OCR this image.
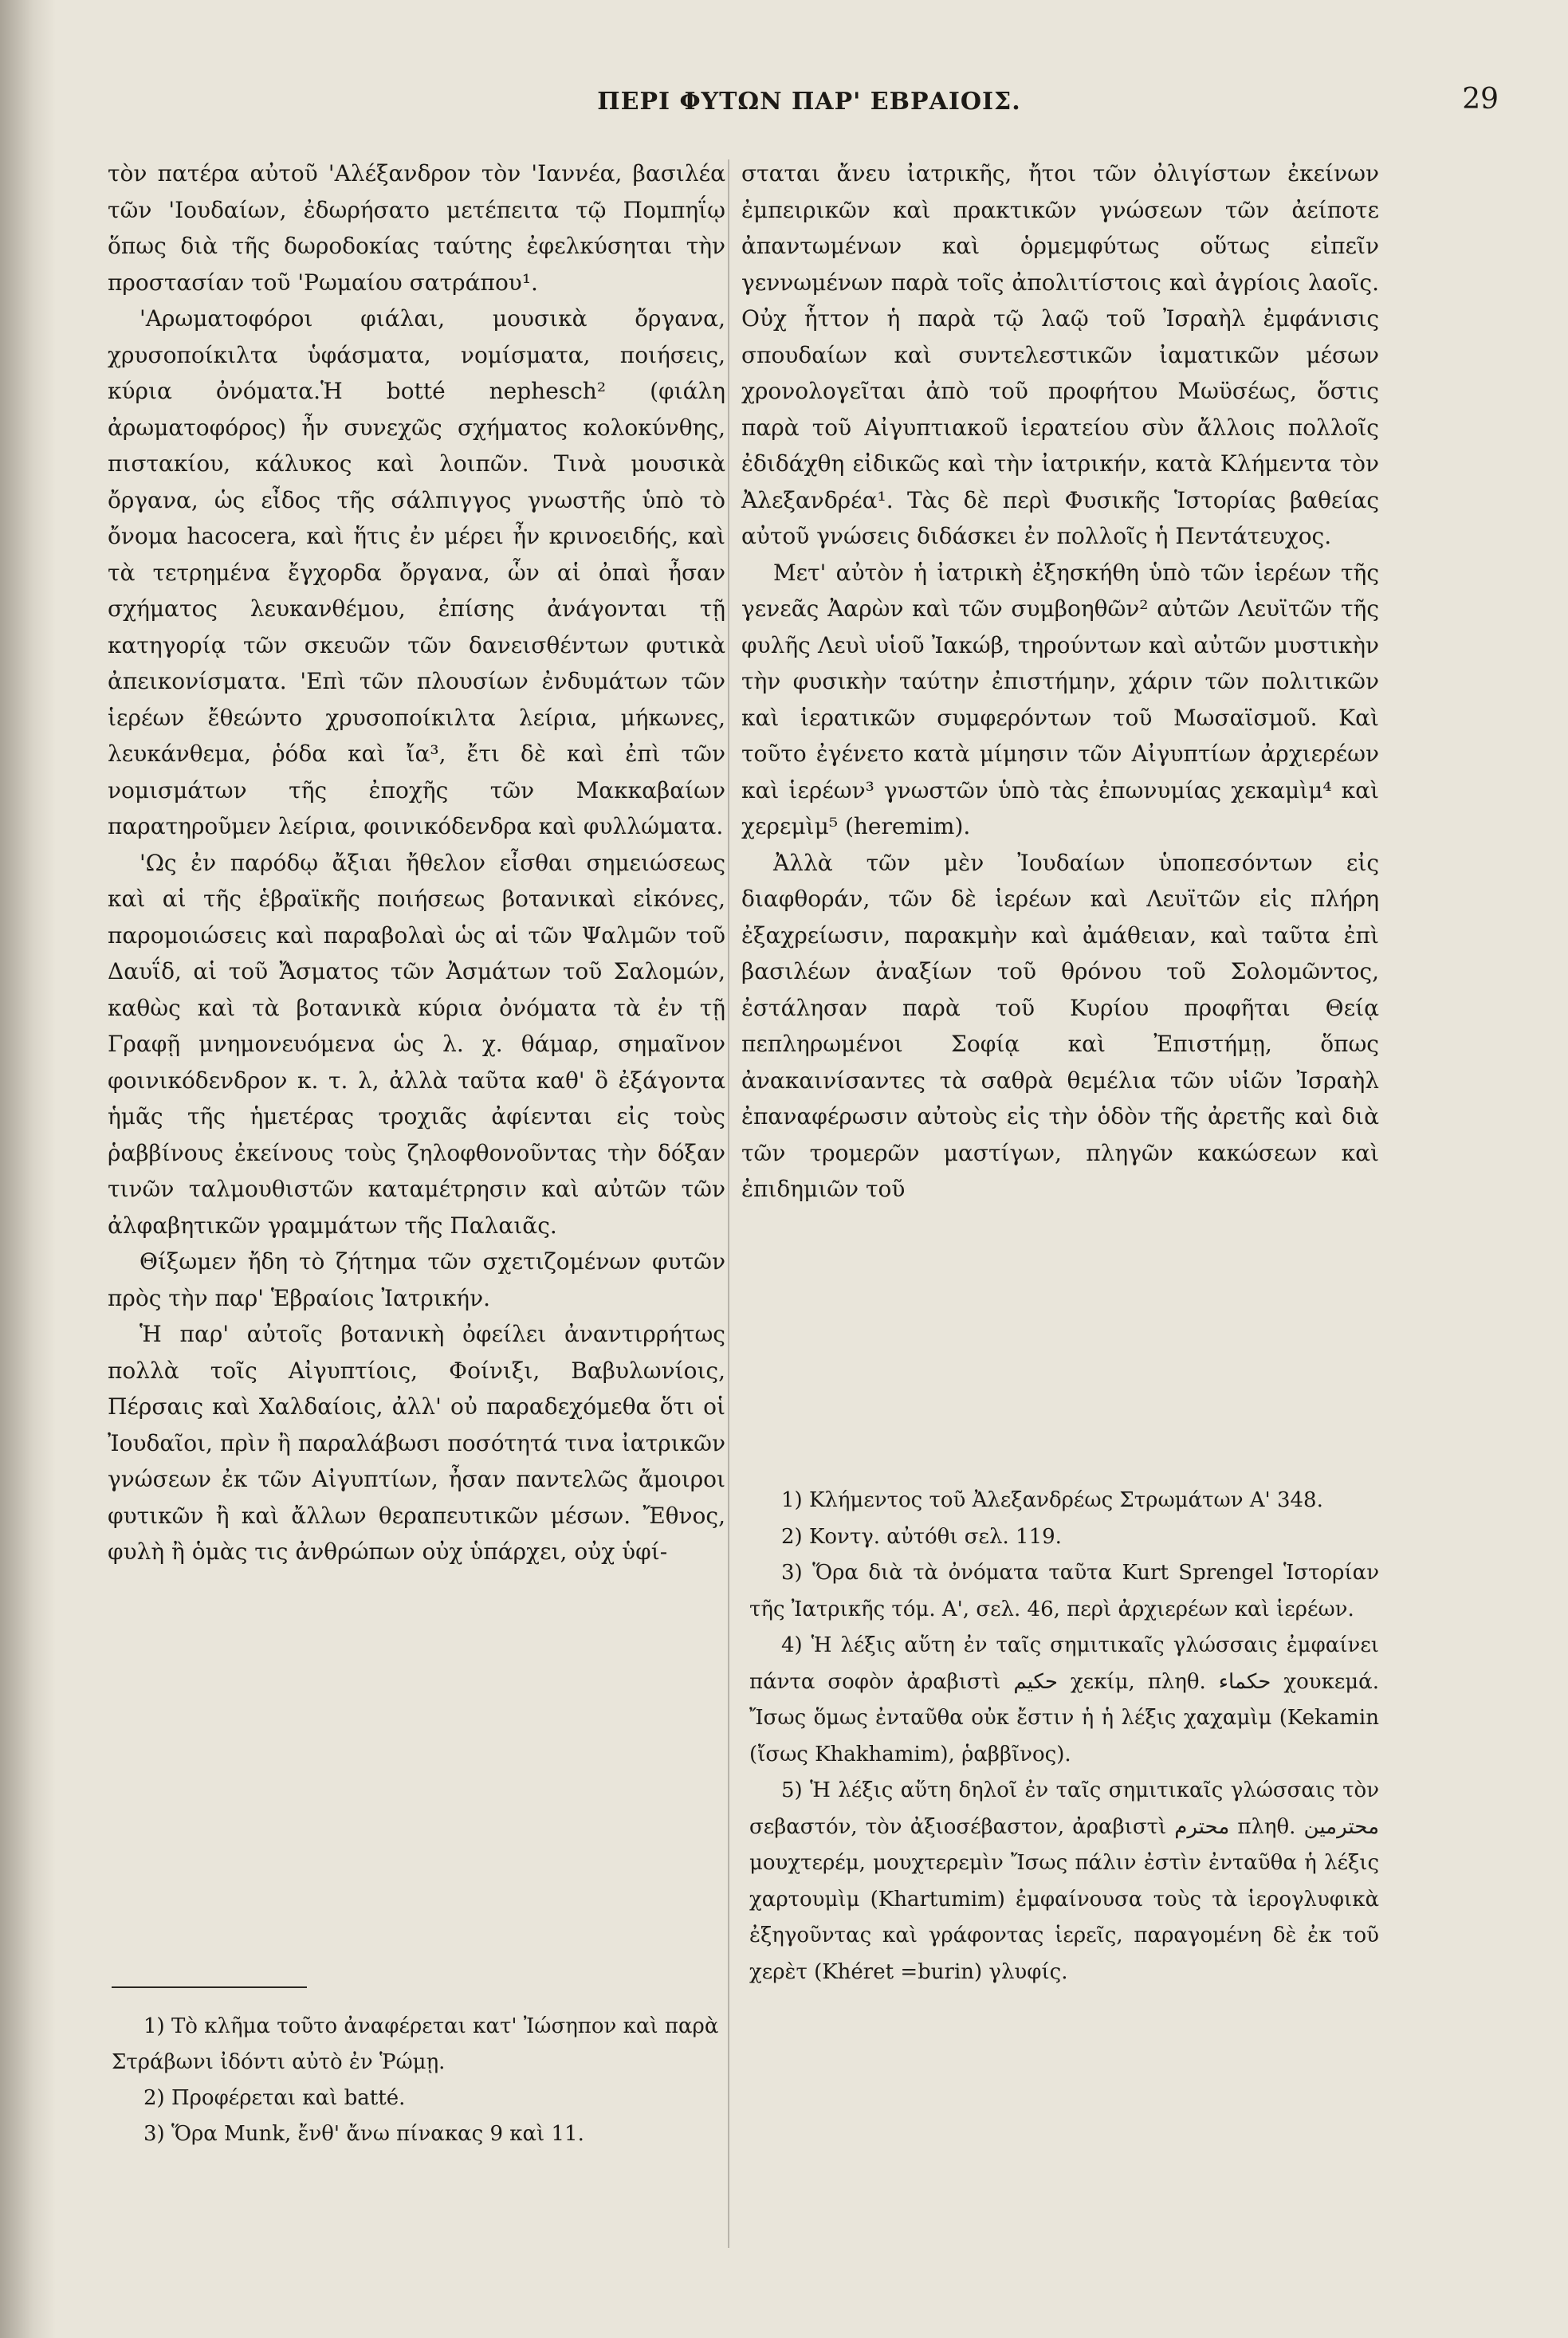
ΠΕΡΙ ΦΥΤΩΝ ΠΑΡ' ΕΒΡΑΙΟΙΣ.	29

τὸν πατέρα αὐτοῦ 'Αλέξανδρον τὸν 'Ιαννέα, βασιλέα τῶν 'Ιουδαίων, ἐδωρήσατο μετέπειτα τῷ Πομπηΐῳ ὅπως διὰ τῆς δωροδοκίας ταύτης ἐφελκύσηται τὴν προστασίαν τοῦ 'Ρωμαίου σατράπου¹.

'Αρωματοφόροι φιάλαι, μουσικὰ ὄργανα, χρυσοποίκιλτα ὑφάσματα, νομίσματα, ποιήσεις, κύρια ὀνόματα.Ἡ botté nephesch² (φιάλη ἀρωματοφόρος) ἦν συνεχῶς σχήματος κολοκύνθης, πιστακίου, κάλυκος καὶ λοιπῶν. Τινὰ μουσικὰ ὄργανα, ὡς εἶδος τῆς σάλπιγγος γνωστῆς ὑπὸ τὸ ὄνομα hacocera, καὶ ἥτις ἐν μέρει ἦν κρινοειδής, καὶ τὰ τετρημένα ἔγχορδα ὄργανα, ὧν αἱ ὀπαὶ ἦσαν σχήματος λευκανθέμου, ἐπίσης ἀνάγονται τῇ κατηγορίᾳ τῶν σκευῶν τῶν δανεισθέντων φυτικὰ ἀπεικονίσματα. 'Επὶ τῶν πλουσίων ἐνδυμάτων τῶν ἱερέων ἔθεώντο χρυσοποίκιλτα λείρια, μήκωνες, λευκάνθεμα, ῥόδα καὶ ἴα³, ἔτι δὲ καὶ ἐπὶ τῶν νομισμάτων τῆς ἐποχῆς τῶν Μακκαβαίων παρατηροῦμεν λείρια, φοινικόδενδρα καὶ φυλλώματα.

'Ως ἐν παρόδῳ ἄξιαι ἤθελον εἶσθαι σημειώσεως καὶ αἱ τῆς ἑβραϊκῆς ποιήσεως βοτανικαὶ εἰκόνες, παρομοιώσεις καὶ παραβολαὶ ὡς αἱ τῶν Ψαλμῶν τοῦ Δαυΐδ, αἱ τοῦ Ἄσματος τῶν Ἀσμάτων τοῦ Σαλομών, καθὼς καὶ τὰ βοτανικὰ κύρια ὀνόματα τὰ ἐν τῇ Γραφῇ μνημονευόμενα ὡς λ. χ. θάμαρ, σημαῖνον φοινικόδενδρον κ. τ. λ, ἀλλὰ ταῦτα καθ' ὃ ἐξάγοντα ἡμᾶς τῆς ἡμετέρας τροχιᾶς ἀφίενται εἰς τοὺς ῥαββίνους ἐκείνους τοὺς ζηλοφθονοῦντας τὴν δόξαν τινῶν ταλμουθιστῶν καταμέτρησιν καὶ αὐτῶν τῶν ἀλφαβητικῶν γραμμάτων τῆς Παλαιᾶς.

Θίξωμεν ἤδη τὸ ζήτημα τῶν σχετιζομένων φυτῶν πρὸς τὴν παρ' Ἑβραίοις Ἰατρικήν.

Ἡ παρ' αὐτοῖς βοτανικὴ ὀφείλει ἀναντιρρήτως πολλὰ τοῖς Αἰγυπτίοις, Φοίνιξι, Βαβυλωνίοις, Πέρσαις καὶ Χαλδαίοις, ἀλλ' οὐ παραδεχόμεθα ὅτι οἱ Ἰουδαῖοι, πρὶν ἢ παραλάβωσι ποσότητά τινα ἰατρικῶν γνώσεων ἐκ τῶν Αἰγυπτίων, ἦσαν παντελῶς ἄμοιροι φυτικῶν ἢ καὶ ἄλλων θεραπευτικῶν μέσων. Ἔθνος, φυλὴ ἢ ὁμὰς τις ἀνθρώπων οὐχ ὑπάρχει, οὐχ ὑφί-

1) Τὸ κλῆμα τοῦτο ἀναφέρεται κατ' Ἰώσηπον καὶ παρὰ Στράβωνι ἰδόντι αὐτὸ ἐν Ῥώμῃ.

2) Προφέρεται καὶ batté.

3) Ὅρα Munk, ἔνθ' ἄνω πίνακας 9 καὶ 11.

σταται ἄνευ ἰατρικῆς, ἤτοι τῶν ὀλιγίστων ἐκείνων ἐμπειρικῶν καὶ πρακτικῶν γνώσεων τῶν ἀείποτε ἀπαντωμένων καὶ ὁρμεμφύτως οὕτως εἰπεῖν γεννωμένων παρὰ τοῖς ἀπολιτίστοις καὶ ἀγρίοις λαοῖς. Οὐχ ἧττον ἡ παρὰ τῷ λαῷ τοῦ Ἰσραὴλ ἐμφάνισις σπουδαίων καὶ συντελεστικῶν ἰαματικῶν μέσων χρονολογεῖται ἀπὸ τοῦ προφήτου Μωϋσέως, ὅστις παρὰ τοῦ Αἰγυπτιακοῦ ἱερατείου σὺν ἄλλοις πολλοῖς ἐδιδάχθη εἰδικῶς καὶ τὴν ἰατρικήν, κατὰ Κλήμεντα τὸν Ἀλεξανδρέα¹. Τὰς δὲ περὶ Φυσικῆς Ἱστορίας βαθείας αὐτοῦ γνώσεις διδάσκει ἐν πολλοῖς ἡ Πεντάτευχος.

Μετ' αὐτὸν ἡ ἰατρικὴ ἐξησκήθη ὑπὸ τῶν ἱερέων τῆς γενεᾶς Ἀαρὼν καὶ τῶν συμβοηθῶν² αὐτῶν Λευϊτῶν τῆς φυλῆς Λευὶ υἱοῦ Ἰακώβ, τηρούντων καὶ αὐτῶν μυστικὴν τὴν φυσικὴν ταύτην ἐπιστήμην, χάριν τῶν πολιτικῶν καὶ ἱερατικῶν συμφερόντων τοῦ Μωσαϊσμοῦ. Καὶ τοῦτο ἐγένετο κατὰ μίμησιν τῶν Αἰγυπτίων ἀρχιερέων καὶ ἱερέων³ γνωστῶν ὑπὸ τὰς ἐπωνυμίας χεκαμὶμ⁴ καὶ χερεμὶμ⁵ (heremim).

Ἀλλὰ τῶν μὲν Ἰουδαίων ὑποπεσόντων εἰς διαφθοράν, τῶν δὲ ἱερέων καὶ Λευϊτῶν εἰς πλήρη ἐξαχρείωσιν, παρακμὴν καὶ ἀμάθειαν, καὶ ταῦτα ἐπὶ βασιλέων ἀναξίων τοῦ θρόνου τοῦ Σολομῶντος, ἐστάλησαν παρὰ τοῦ Κυρίου προφῆται Θείᾳ πεπληρωμένοι Σοφίᾳ καὶ Ἐπιστήμῃ, ὅπως ἀνακαινίσαντες τὰ σαθρὰ θεμέλια τῶν υἱῶν Ἰσραὴλ ἐπαναφέρωσιν αὐτοὺς εἰς τὴν ὁδὸν τῆς ἀρετῆς καὶ διὰ τῶν τρομερῶν μαστίγων, πληγῶν κακώσεων καὶ ἐπιδημιῶν τοῦ

1) Κλήμεντος τοῦ Ἀλεξανδρέως Στρωμάτων Α' 348.

2) Κοντγ. αὐτόθι σελ. 119.

3) Ὅρα διὰ τὰ ὀνόματα ταῦτα Kurt Sprengel Ἱστορίαν τῆς Ἰατρικῆς τόμ. Α', σελ. 46, περὶ ἀρχιερέων καὶ ἱερέων.

4) Ἡ λέξις αὕτη ἐν ταῖς σημιτικαῖς γλώσσαις ἐμφαίνει πάντα σοφὸν ἀραβιστὶ حكيم χεκίμ, πληθ. حكماء χουκεμά. Ἴσως ὅμως ἐνταῦθα οὐκ ἔστιν ἡ ἡ λέξις χαχαμὶμ (Kekamin (ἴσως Khakhamim), ῥαββῖνος).

5) Ἡ λέξις αὕτη δηλοῖ ἐν ταῖς σημιτικαῖς γλώσσαις τὸν σεβαστόν, τὸν ἀξιοσέβαστον, ἀραβιστὶ محترم πληθ. محترمين μουχτερέμ, μουχτερεμὶν Ἴσως πάλιν ἐστὶν ἐνταῦθα ἡ λέξις χαρτουμὶμ (Khartumim) ἐμφαίνουσα τοὺς τὰ ἱερογλυφικὰ ἐξηγοῦντας καὶ γράφοντας ἱερεῖς, παραγομένη δὲ ἐκ τοῦ χερὲτ (Khéret =burin) γλυφίς.
